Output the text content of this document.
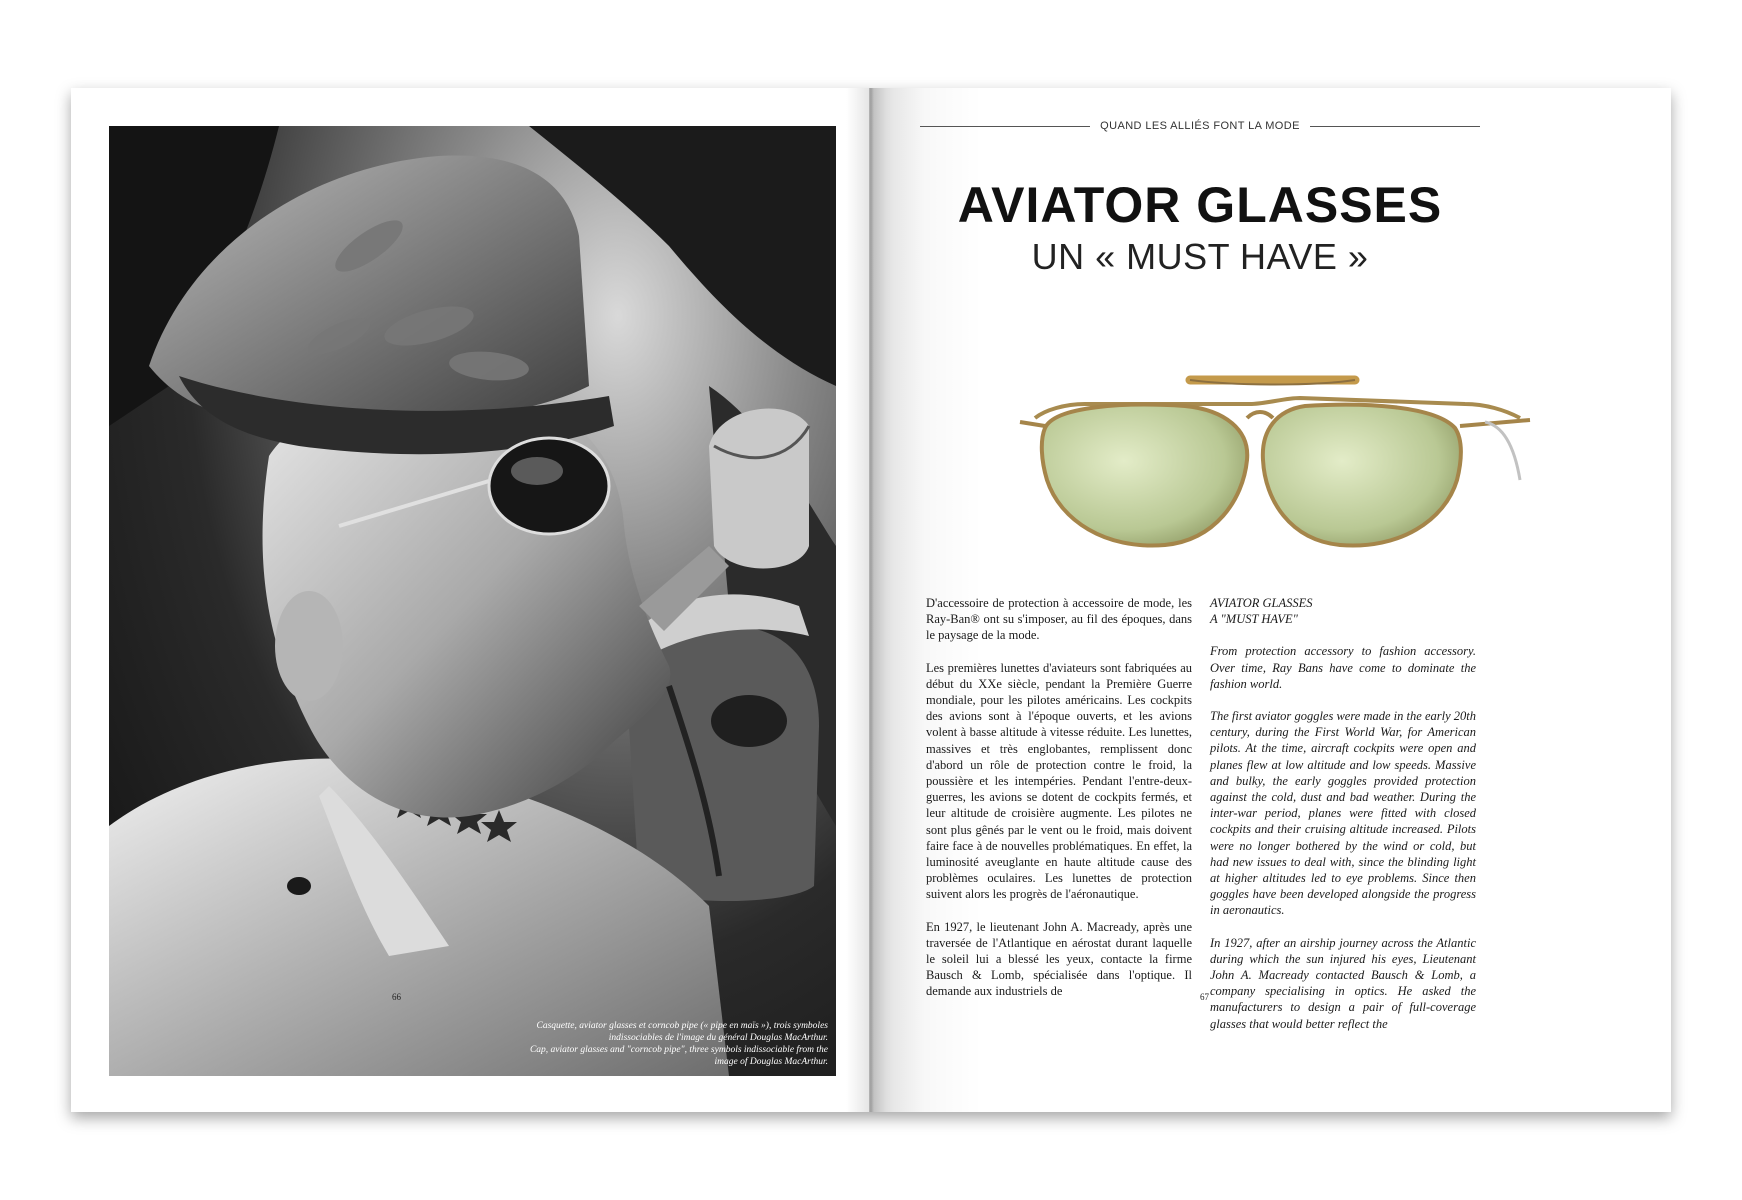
Casquette, aviator glasses et corncob pipe (« pipe en maïs »), trois symboles indissociables de l'image du général Douglas MacArthur.
Cap, aviator glasses and "corncob pipe", three symbols indissociable from the image of Douglas MacArthur.
66	67
QUAND LES ALLIÉS FONT LA MODE
AVIATOR GLASSES
UN « MUST HAVE »

D'accessoire de protection à accessoire de mode, les Ray-Ban® ont su s'imposer, au fil des époques, dans le paysage de la mode.

Les premières lunettes d'aviateurs sont fabriquées au début du XXe siècle, pendant la Première Guerre mondiale, pour les pilotes américains. Les cockpits des avions sont à l'époque ouverts, et les avions volent à basse altitude à vitesse réduite. Les lunettes, massives et très englobantes, remplissent donc d'abord un rôle de protection contre le froid, la poussière et les intempéries. Pendant l'entre-deux-guerres, les avions se dotent de cockpits fermés, et leur altitude de croisière augmente. Les pilotes ne sont plus gênés par le vent ou le froid, mais doivent faire face à de nouvelles problématiques. En effet, la luminosité aveuglante en haute altitude cause des problèmes oculaires. Les lunettes de protection suivent alors les progrès de l'aéronautique.

En 1927, le lieutenant John A. Macready, après une traversée de l'Atlantique en aérostat durant laquelle le soleil lui a blessé les yeux, contacte la firme Bausch & Lomb, spécialisée dans l'optique. Il demande aux industriels de

AVIATOR GLASSES
A "MUST HAVE"

From protection accessory to fashion accessory. Over time, Ray Bans have come to dominate the fashion world.

The first aviator goggles were made in the early 20th century, during the First World War, for American pilots. At the time, aircraft cockpits were open and planes flew at low altitude and low speeds. Massive and bulky, the early goggles provided protection against the cold, dust and bad weather. During the inter-war period, planes were fitted with closed cockpits and their cruising altitude increased. Pilots were no longer bothered by the wind or cold, but had new issues to deal with, since the blinding light at higher altitudes led to eye problems. Since then goggles have been developed alongside the progress in aeronautics.

In 1927, after an airship journey across the Atlantic during which the sun injured his eyes, Lieutenant John A. Macready contacted Bausch & Lomb, a company specialising in optics. He asked the manufacturers to design a pair of full-coverage glasses that would better reflect the
